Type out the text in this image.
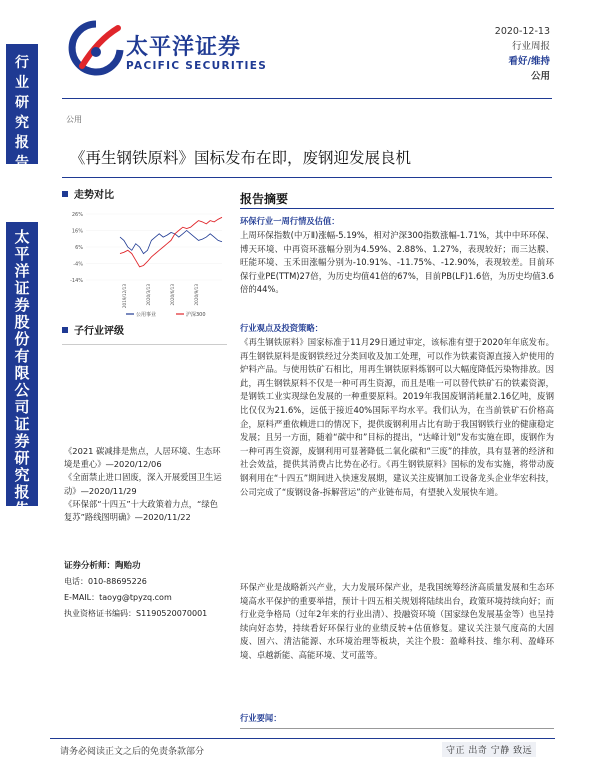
行
业
研
究
报
告
太
平
洋
证
券
股
份
有
限
公
司
证
券
研
究
报
告
太平洋证券
PACIFIC SECURITIES
2020-12-13
行业周报
看好/维持
公用
公用
《再生钢铁原料》国标发布在即，废钢迎发展良机
走势对比
26%
16%
6%
-4%
-14%
2019/12/13	2020/3/13	2020/6/13	2020/9/13
公用事业	沪深300
子行业评级

《2021 碳减排是焦点，人居环境、生态环境是重心》—2020/12/06

《全面禁止进口固废，深入开展爱国卫生运动》—2020/11/29

《环保部“十四五”十大政策着力点，“绿色复苏”路线图明确》—2020/11/22

证券分析师：陶贻功
电话：010-88695226
E-MAIL：taoyg@tpyzq.com
执业资格证书编码：S1190520070001
报告摘要
环保行业一周行情及估值：
上周环保指数(中万Ⅱ)涨幅-5.19%，相对沪深300指数涨幅-1.71%，其中中环环保、博天环境、中再资环涨幅分别为4.59%、2.88%、1.27%，表现较好；而三达膜、旺能环境、玉禾田涨幅分别为-10.91%、-11.75%、-12.90%，表现较差。目前环保行业PE(TTM)27倍，为历史均值41倍的67%，目前PB(LF)1.6倍，为历史均值3.6倍的44%。
行业观点及投资策略：
《再生钢铁原料》国家标准于11月29日通过审定，该标准有望于2020年年底发布。再生钢铁原料是废钢铁经过分类回收及加工处理，可以作为铁素资源直接入炉使用的炉料产品。与使用铁矿石相比，用再生钢铁原料炼钢可以大幅度降低污染物排放。因此，再生钢铁原料不仅是一种可再生资源，而且是唯一可以替代铁矿石的铁素资源，是钢铁工业实现绿色发展的一种重要原料。2019年我国废钢消耗量2.16亿吨，废钢比仅仅为21.6%，远低于接近40%国际平均水平。我们认为，在当前铁矿石价格高企，原料严重依赖进口的情况下，提供废钢利用占比有助于我国钢铁行业的健康稳定发展；且另一方面，随着“碳中和”目标的提出，“达峰计划”发布实施在即，废钢作为一种可再生资源，废钢利用可显著降低二氧化碳和“三废”的排放，具有显著的经济和社会效益，提供其消费占比势在必行。《再生钢铁原料》国标的发布实施，将带动废钢利用在“十四五”期间进入快速发展期，建议关注废钢加工设备龙头企业华宏科技，公司完成了“废钢设备-拆解营运”的产业链布局，有望驶入发展快车道。
环保产业是战略新兴产业，大力发展环保产业，是我国统筹经济高质量发展和生态环境高水平保护的重要举措，预计十四五相关规划将陆续出台，政策环境持续向好；而行业竞争格局（过年2年来的行业出清）、投融资环境（国家绿色发展基金等）也呈持续向好态势，持续看好环保行业的业绩反转+估值修复。建议关注景气度高的大固废、固六、清洁能源、水环境治理等板块，关注个股：盈峰科技、维尔利、盈峰环境、卓越新能、高能环境、艾可蓝等。
行业要闻：
请务必阅读正文之后的免责条款部分	守正 出奇 宁静 致远
